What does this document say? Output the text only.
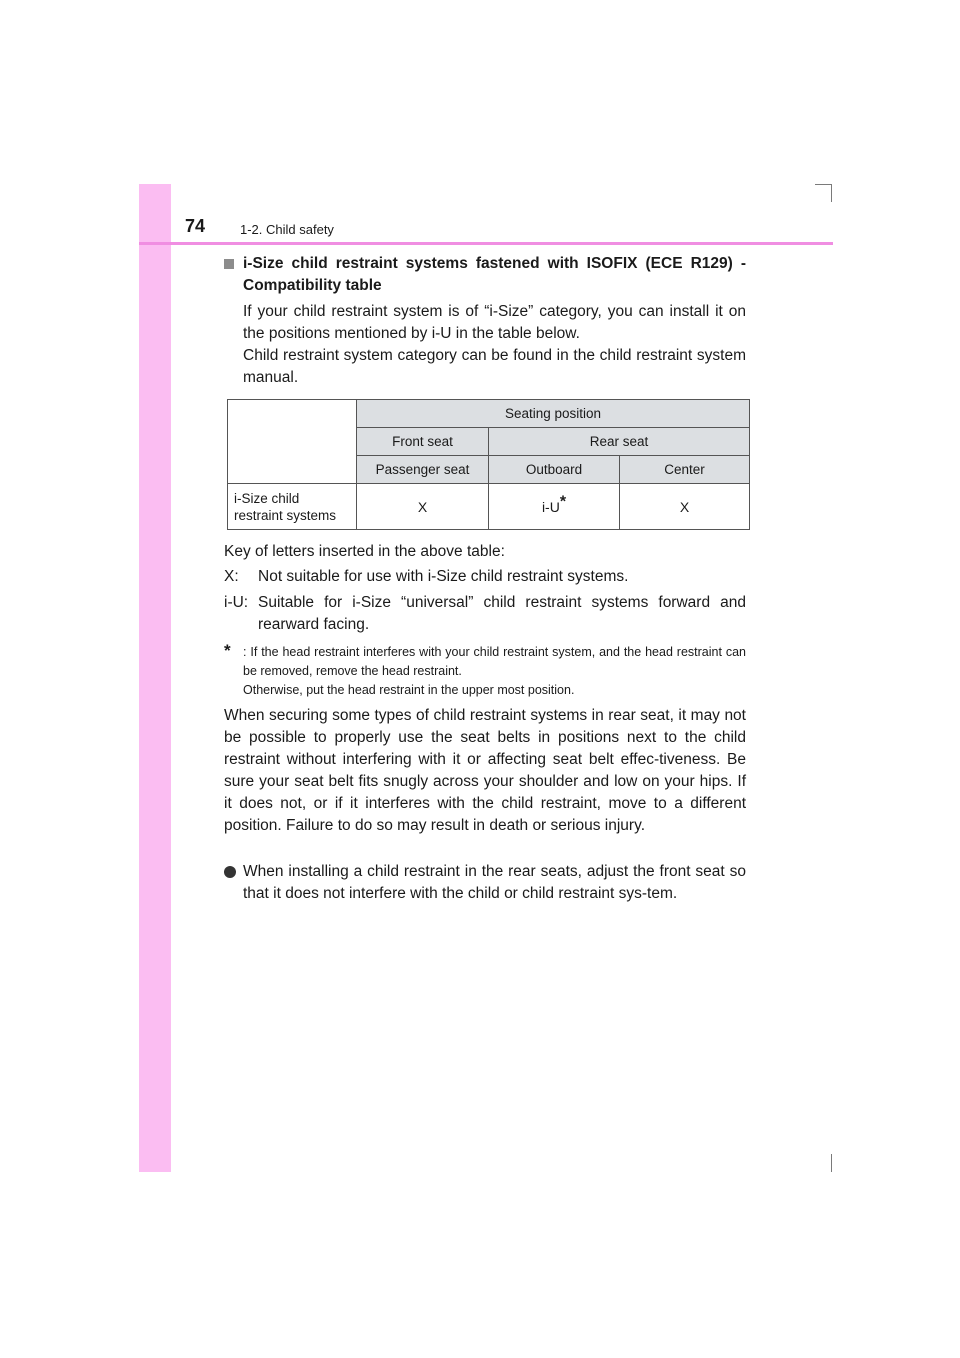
74	1-2. Child safety
i-Size child restraint systems fastened with ISOFIX (ECE R129) - Compatibility table
If your child restraint system is of “i-Size” category, you can install it on the positions mentioned by i-U in the table below.
Child restraint system category can be found in the child restraint system manual.
	Seating position		
	Front seat	Rear seat	
	Passenger seat	Outboard	Center
i-Size child restraint systems	X	i-U*	X
Key of letters inserted in the above table:
X: Not suitable for use with i-Size child restraint systems.
i-U: Suitable for i-Size “universal” child restraint systems forward and rearward facing.
* : If the head restraint interferes with your child restraint system, and the head restraint can be removed, remove the head restraint.
Otherwise, put the head restraint in the upper most position.
When securing some types of child restraint systems in rear seat, it may not be possible to properly use the seat belts in positions next to the child restraint without interfering with it or affecting seat belt effec-tiveness. Be sure your seat belt fits snugly across your shoulder and low on your hips. If it does not, or if it interferes with the child restraint, move to a different position. Failure to do so may result in death or serious injury.
When installing a child restraint in the rear seats, adjust the front seat so that it does not interfere with the child or child restraint sys-tem.
